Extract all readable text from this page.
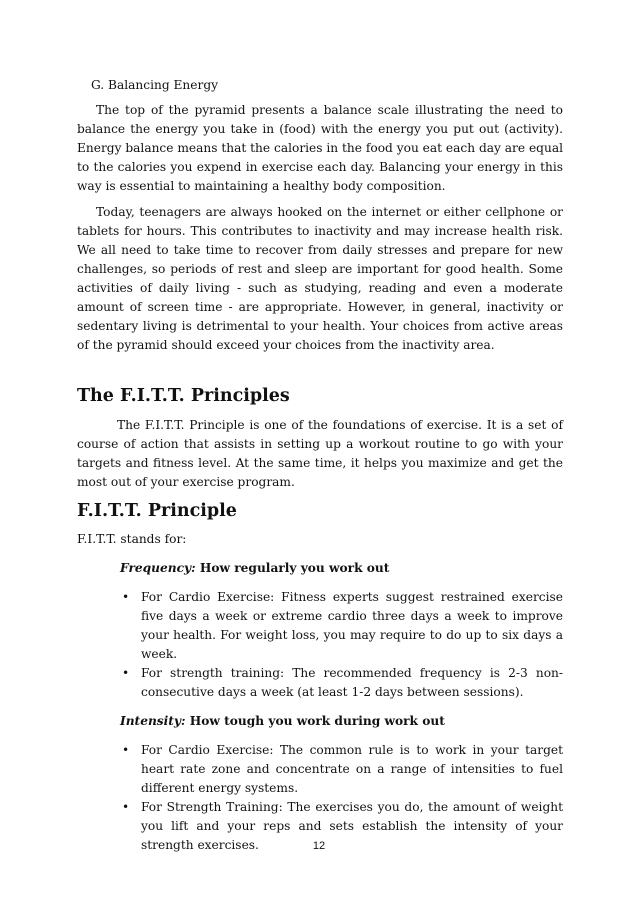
G. Balancing Energy

The top of the pyramid presents a balance scale illustrating the need to balance the energy you take in (food) with the energy you put out (activity). Energy balance means that the calories in the food you eat each day are equal to the calories you expend in exercise each day. Balancing your energy in this way is essential to maintaining a healthy body composition.

Today, teenagers are always hooked on the internet or either cellphone or tablets for hours. This contributes to inactivity and may increase health risk. We all need to take time to recover from daily stresses and prepare for new challenges, so periods of rest and sleep are important for good health. Some activities of daily living - such as studying, reading and even a moderate amount of screen time - are appropriate. However, in general, inactivity or sedentary living is detrimental to your health. Your choices from active areas of the pyramid should exceed your choices from the inactivity area.

The F.I.T.T. Principles

The F.I.T.T. Principle is one of the foundations of exercise. It is a set of course of action that assists in setting up a workout routine to go with your targets and fitness level. At the same time, it helps you maximize and get the most out of your exercise program.

F.I.T.T. Principle
F.I.T.T. stands for:
Frequency: How regularly you work out
• For Cardio Exercise: Fitness experts suggest restrained exercise five days a week or extreme cardio three days a week to improve your health. For weight loss, you may require to do up to six days a week.
• For strength training: The recommended frequency is 2-3 non-consecutive days a week (at least 1-2 days between sessions).
Intensity: How tough you work during work out
• For Cardio Exercise: The common rule is to work in your target heart rate zone and concentrate on a range of intensities to fuel different energy systems.
• For Strength Training: The exercises you do, the amount of weight you lift and your reps and sets establish the intensity of your strength exercises.	12
